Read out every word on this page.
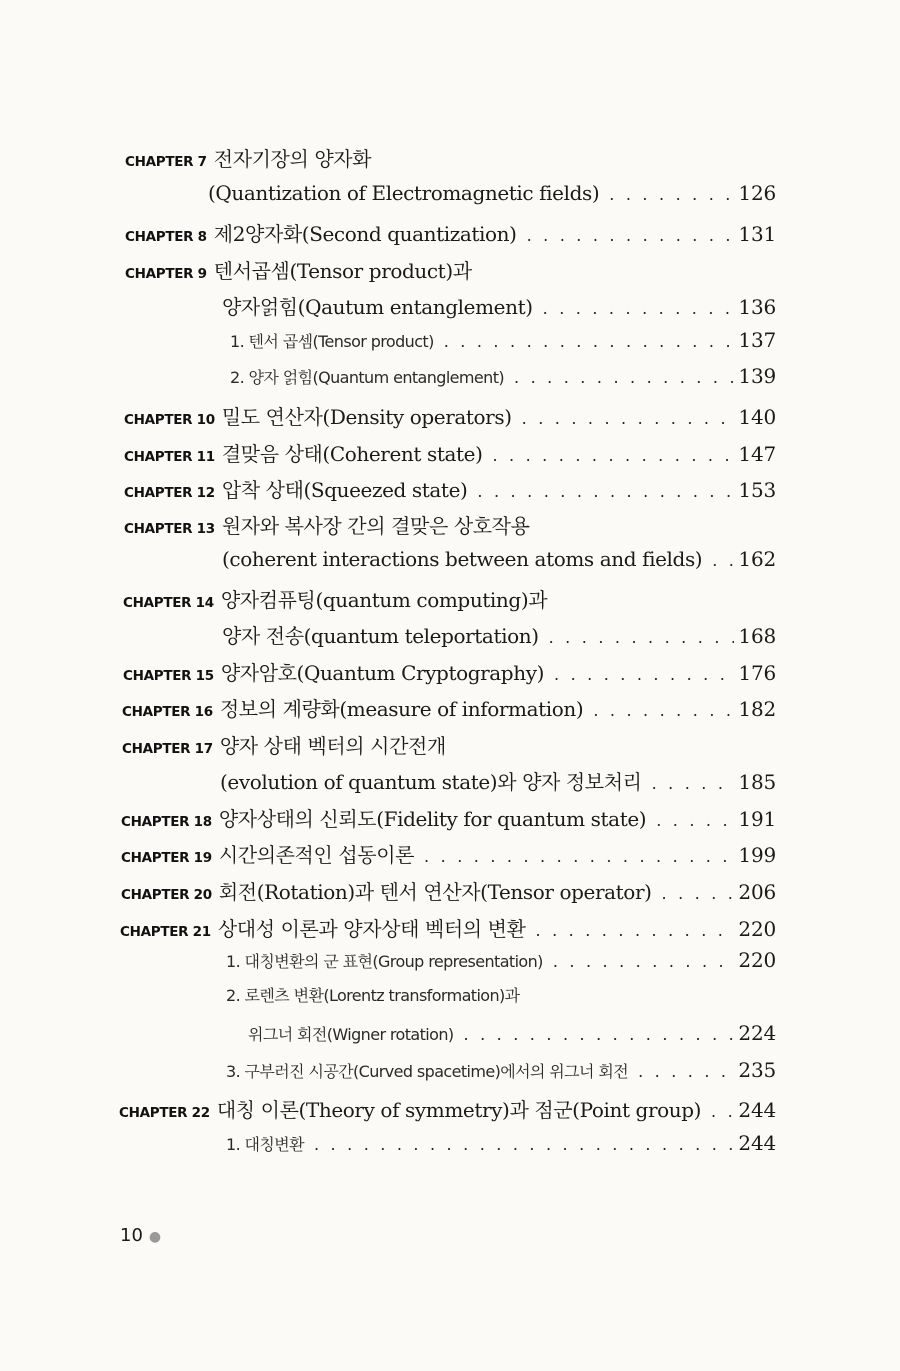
CHAPTER 7 전자기장의 양자화
(Quantization of Electromagnetic fields) . . .	126
CHAPTER 8 제2양자화(Second quantization) . . .	131
CHAPTER 9 텐서곱셈(Tensor product)과
양자얽힘(Qautum entanglement) . . .	136
1. 텐서 곱셈(Tensor product) . . .	137
2. 양자 얽힘(Quantum entanglement) . . .	139
CHAPTER 10 밀도 연산자(Density operators) . . .	140
CHAPTER 11 결맞음 상태(Coherent state) . . .	147
CHAPTER 12 압착 상태(Squeezed state) . . .	153
CHAPTER 13 원자와 복사장 간의 결맞은 상호작용
(coherent interactions between atoms and fields) . . . 162
CHAPTER 14 양자컴퓨팅(quantum computing)과
양자 전송(quantum teleportation) . . .	168
CHAPTER 15 양자암호(Quantum Cryptography) . . .	176
CHAPTER 16 정보의 계량화(measure of information) . . .	182
CHAPTER 17 양자 상태 벡터의 시간전개
(evolution of quantum state)와 양자 정보처리 . . .	185
CHAPTER 18 양자상태의 신뢰도(Fidelity for quantum state) . . .	191
CHAPTER 19 시간의존적인 섭동이론 . . .	199
CHAPTER 20 회전(Rotation)과 텐서 연산자(Tensor operator) . . .	206
CHAPTER 21 상대성 이론과 양자상태 벡터의 변환 . . .	220
1. 대칭변환의 군 표현(Group representation) . . .	220
2. 로렌츠 변환(Lorentz transformation)과
위그너 회전(Wigner rotation) . . .	224
3. 구부러진 시공간(Curved spacetime)에서의 위그너 회전 . . .	235
CHAPTER 22 대칭 이론(Theory of symmetry)과 점군(Point group) . . . 244
1. 대칭변환 . . .	244
10 ●
